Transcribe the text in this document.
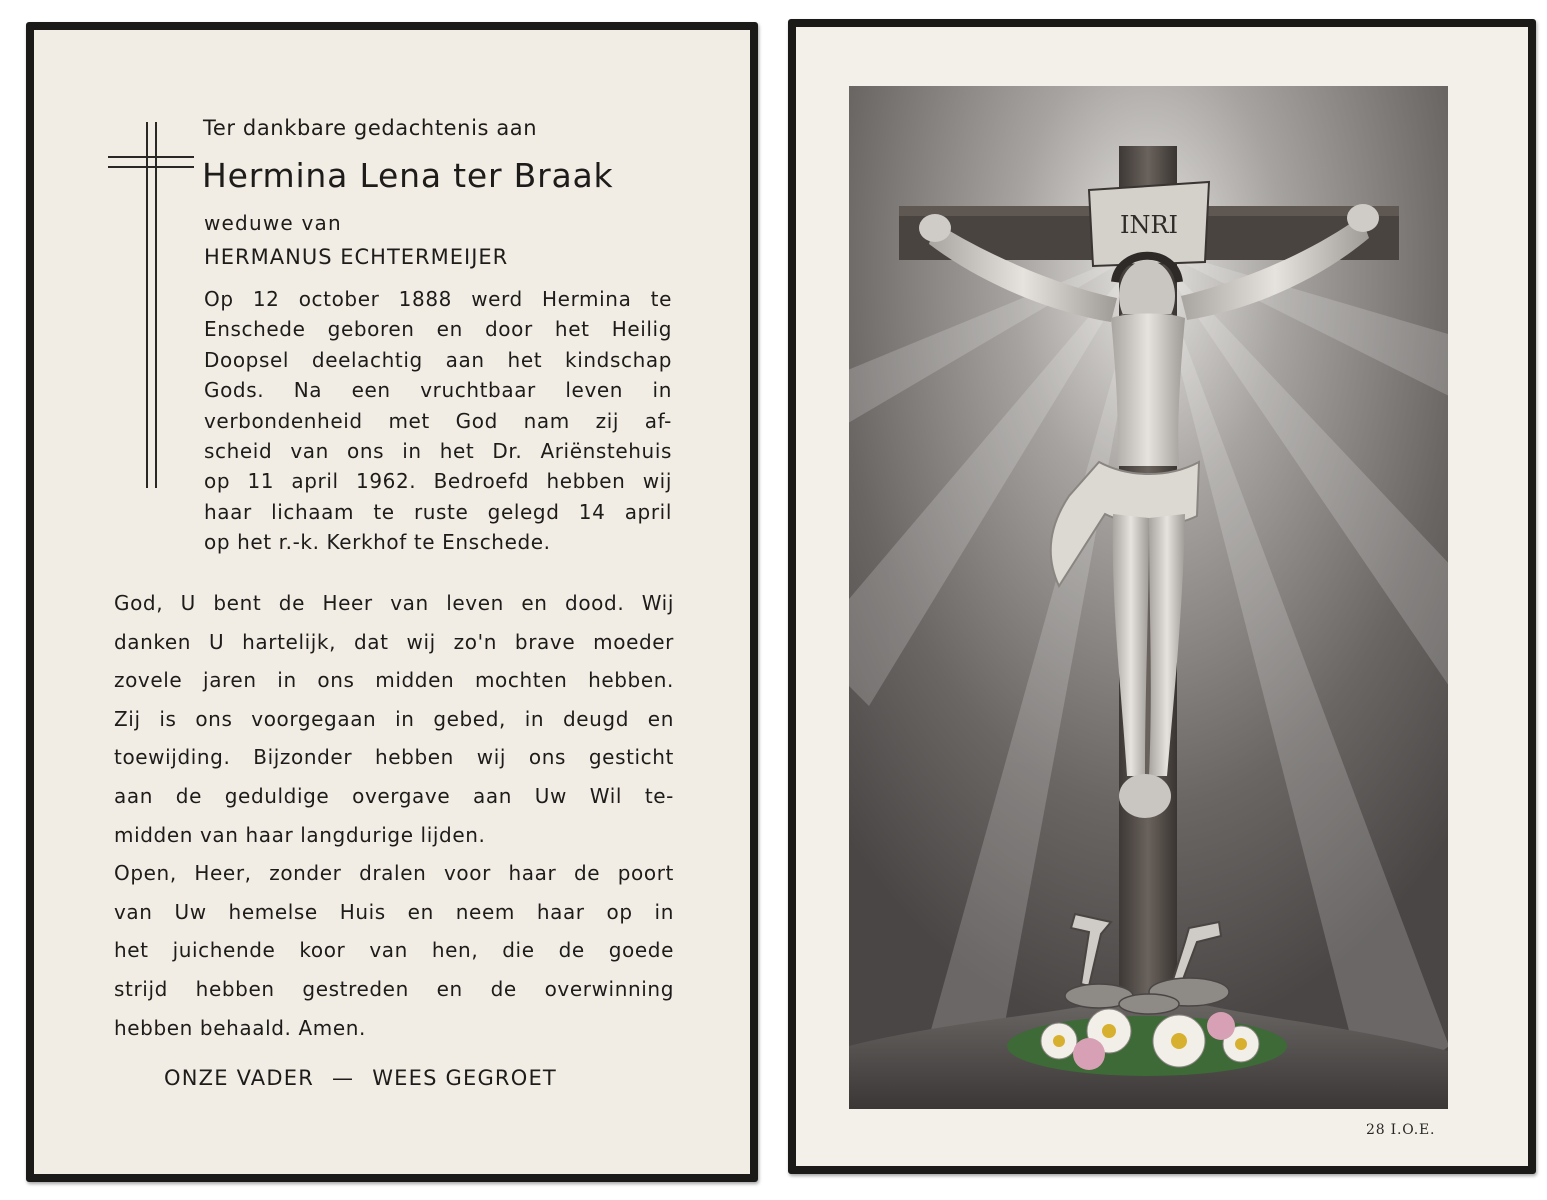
Ter dankbare gedachtenis aan
Hermina Lena ter Braak
weduwe van
HERMANUS ECHTERMEIJER
Op 12 october 1888 werd Hermina te
Enschede geboren en door het Heilig
Doopsel deelachtig aan het kindschap
Gods. Na een vruchtbaar leven in
verbondenheid met God nam zij af-
scheid van ons in het Dr. Ariënstehuis
op 11 april 1962. Bedroefd hebben wij
haar lichaam te ruste gelegd 14 april
op het r.-k. Kerkhof te Enschede.
God, U bent de Heer van leven en dood. Wij
danken U hartelijk, dat wij zo'n brave moeder
zovele jaren in ons midden mochten hebben.
Zij is ons voorgegaan in gebed, in deugd en
toewijding. Bijzonder hebben wij ons gesticht
aan de geduldige overgave aan Uw Wil te-
midden van haar langdurige lijden.
Open, Heer, zonder dralen voor haar de poort
van Uw hemelse Huis en neem haar op in
het juichende koor van hen, die de goede
strijd hebben gestreden en de overwinning
hebben behaald. Amen.
ONZE VADER — WEES GEGROET
INRI
28 I.O.E.
